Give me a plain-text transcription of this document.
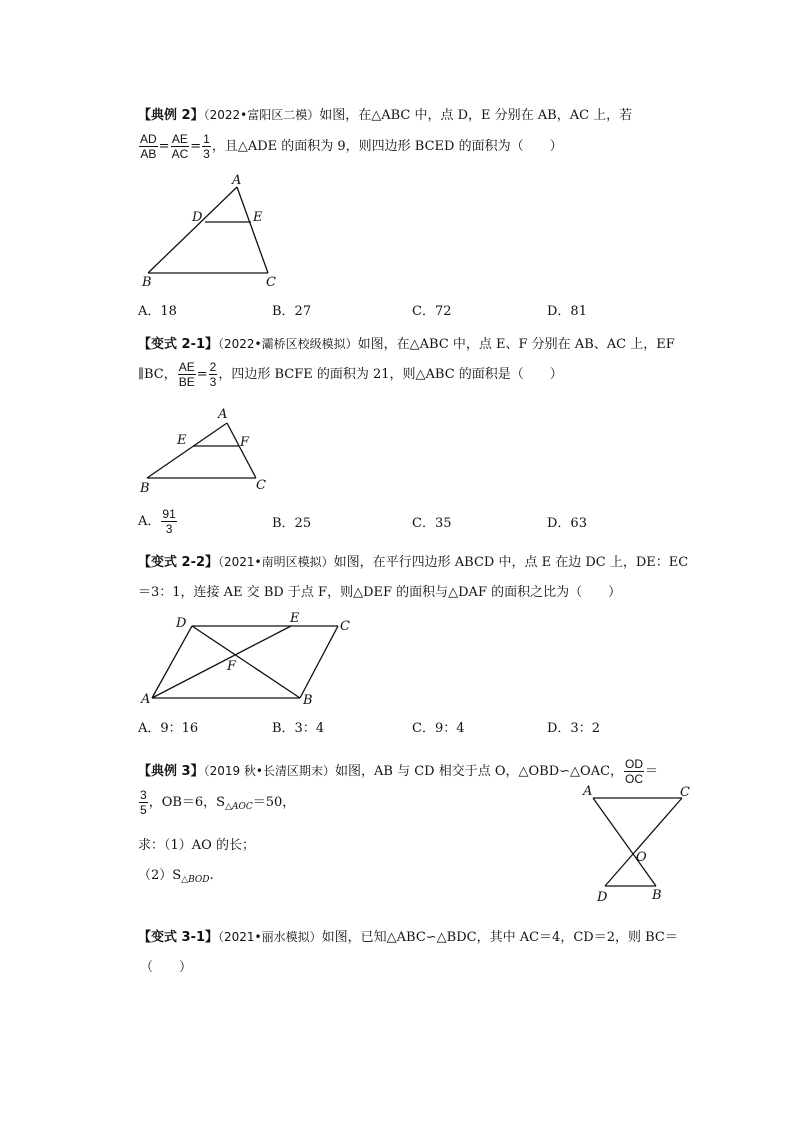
【典例 2】（2022•富阳区二模）如图，在△ABC 中，点 D，E 分别在 AB，AC 上，若
$\frac{AD}{AB} = \frac{AE}{AC} = \frac{1}{3}$ ，且△ADE 的面积为 9，则四边形 BCED 的面积为（　　）
A
D	E
B	C
A．18	B．27	C．72	D．81
【变式 2-1】（2022•灞桥区校级模拟）如图，在△ABC 中，点 E、F 分别在 AB、AC 上，EF
∥BC， $\frac{AE}{BE} = \frac{2}{3}$ ，四边形 BCFE 的面积为 21，则△ABC 的面积是（　　）
A
E	F
B	C
A． $\frac{91}{3}$	B．25	C．35	D．63
【变式 2-2】（2021•南明区模拟）如图，在平行四边形 ABCD 中，点 E 在边 DC 上，DE：EC
＝3：1，连接 AE 交 BD 于点 F，则△DEF 的面积与△DAF 的面积之比为（　　）
D	E
C
F
A	B
A．9：16	B．3：4	C．9：4	D．3：2
【典例 3】（2019 秋•长清区期末）如图，AB 与 CD 相交于点 O，△OBD∽△OAC， $\frac{OD}{OC}$ ＝
$\frac{3}{5}$ ，OB＝6，$S_{\triangle AOC}=50$，
求：（1）AO 的长；
$(2)S_{\triangle BOD}$.
A	C
O
D	B
【变式 3-1】（2021•丽水模拟）如图，已知△ABC∽△BDC，其中 AC＝4，CD＝2，则 BC＝
（　　）
